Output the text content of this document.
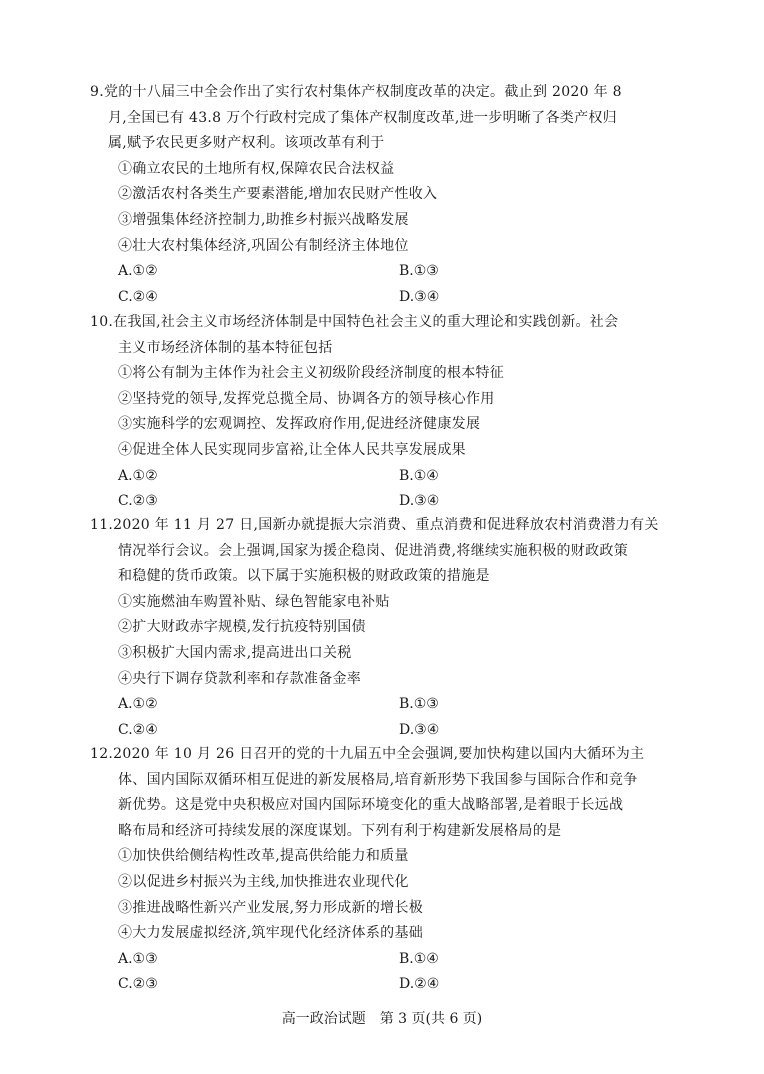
9.党的十八届三中全会作出了实行农村集体产权制度改革的决定。截止到 2020 年 8
月,全国已有 43.8 万个行政村完成了集体产权制度改革,进一步明晰了各类产权归
属,赋予农民更多财产权利。该项改革有利于
①确立农民的土地所有权,保障农民合法权益
②激活农村各类生产要素潜能,增加农民财产性收入
③增强集体经济控制力,助推乡村振兴战略发展
④壮大农村集体经济,巩固公有制经济主体地位
A.①②	B.①③
C.②④	D.③④
10.在我国,社会主义市场经济体制是中国特色社会主义的重大理论和实践创新。社会
主义市场经济体制的基本特征包括
①将公有制为主体作为社会主义初级阶段经济制度的根本特征
②坚持党的领导,发挥党总揽全局、协调各方的领导核心作用
③实施科学的宏观调控、发挥政府作用,促进经济健康发展
④促进全体人民实现同步富裕,让全体人民共享发展成果
A.①②	B.①④
C.②③	D.③④
11.2020 年 11 月 27 日,国新办就提振大宗消费、重点消费和促进释放农村消费潜力有关
情况举行会议。会上强调,国家为援企稳岗、促进消费,将继续实施积极的财政政策
和稳健的货币政策。以下属于实施积极的财政政策的措施是
①实施燃油车购置补贴、绿色智能家电补贴
②扩大财政赤字规模,发行抗疫特别国债
③积极扩大国内需求,提高进出口关税
④央行下调存贷款利率和存款准备金率
A.①②	B.①③
C.②④	D.③④
12.2020 年 10 月 26 日召开的党的十九届五中全会强调,要加快构建以国内大循环为主
体、国内国际双循环相互促进的新发展格局,培育新形势下我国参与国际合作和竞争
新优势。这是党中央积极应对国内国际环境变化的重大战略部署,是着眼于长远战
略布局和经济可持续发展的深度谋划。下列有利于构建新发展格局的是
①加快供给侧结构性改革,提高供给能力和质量
②以促进乡村振兴为主线,加快推进农业现代化
③推进战略性新兴产业发展,努力形成新的增长极
④大力发展虚拟经济,筑牢现代化经济体系的基础
A.①③	B.①④
C.②③	D.②④
高一政治试题　第 3 页(共 6 页)
